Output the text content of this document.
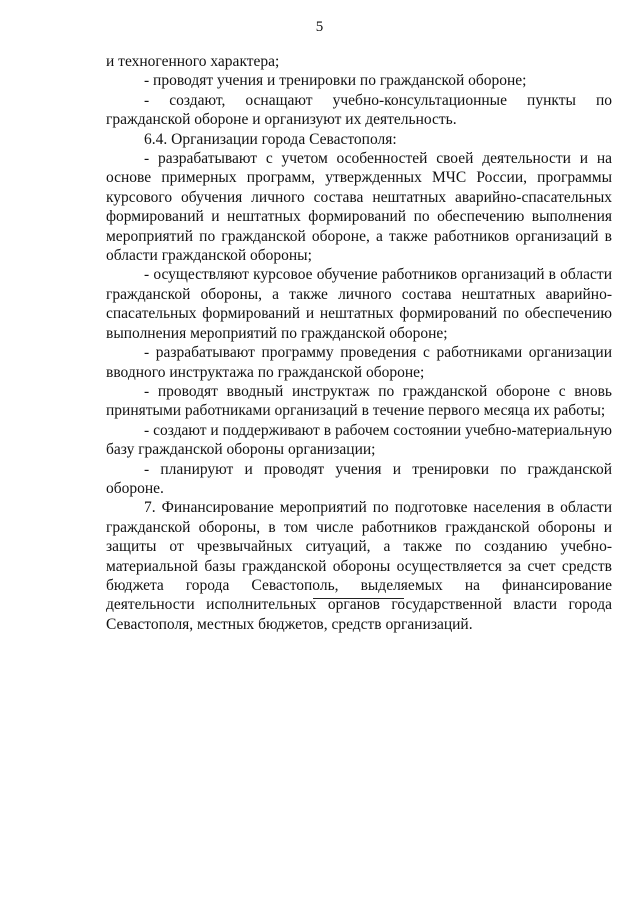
5

и техногенного характера;

- проводят учения и тренировки по гражданской обороне;

- создают, оснащают учебно-консультационные пункты по гражданской обороне и организуют их деятельность.

6.4. Организации города Севастополя:

- разрабатывают с учетом особенностей своей деятельности и на основе примерных программ, утвержденных МЧС России, программы курсового обучения личного состава нештатных аварийно-спасательных формирований и нештатных формирований по обеспечению выполнения мероприятий по гражданской обороне, а также работников организаций в области гражданской обороны;

- осуществляют курсовое обучение работников организаций в области гражданской обороны, а также личного состава нештатных аварийно-спасательных формирований и нештатных формирований по обеспечению выполнения мероприятий по гражданской обороне;

- разрабатывают программу проведения с работниками организации вводного инструктажа по гражданской обороне;

- проводят вводный инструктаж по гражданской обороне с вновь принятыми работниками организаций в течение первого месяца их работы;

- создают и поддерживают в рабочем состоянии учебно-материальную базу гражданской обороны организации;

- планируют и проводят учения и тренировки по гражданской обороне.

7. Финансирование мероприятий по подготовке населения в области гражданской обороны, в том числе работников гражданской обороны и защиты от чрезвычайных ситуаций, а также по созданию учебно-материальной базы гражданской обороны осуществляется за счет средств бюджета города Севастополь, выделяемых на финансирование деятельности исполнительных органов государственной власти города Севастополя, местных бюджетов, средств организаций.
